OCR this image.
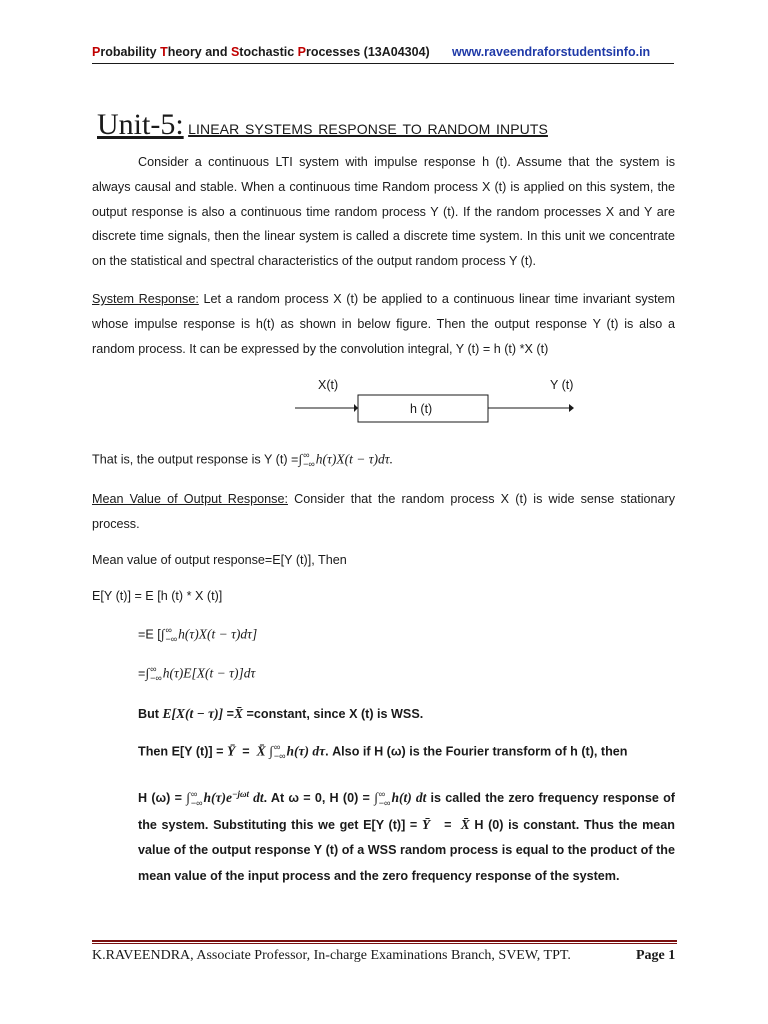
Probability Theory and Stochastic Processes (13A04304) www.raveendraforstudentsinfo.in
Unit-5: linear systems response to random inputs
Consider a continuous LTI system with impulse response h (t). Assume that the system is always causal and stable. When a continuous time Random process X (t) is applied on this system, the output response is also a continuous time random process Y (t). If the random processes X and Y are discrete time signals, then the linear system is called a discrete time system. In this unit we concentrate on the statistical and spectral characteristics of the output random process Y (t).
System Response: Let a random process X (t) be applied to a continuous linear time invariant system whose impulse response is h(t) as shown in below figure. Then the output response Y (t) is also a random process. It can be expressed by the convolution integral, Y (t) = h (t) *X (t)
X(t)
h (t)
Y (t)
That is, the output response is Y (t) =∫ ∞
−∞ h(τ)X(t − τ)dτ.
Mean Value of Output Response: Consider that the random process X (t) is wide sense stationary process.
Mean value of output response=E[Y (t)], Then
E[Y (t)] = E [h (t) * X (t)]
=E [∫ ∞
−∞ h(τ)X(t − τ)dτ]
=∫ ∞
−∞ h(τ)E[X(t − τ)]dτ
But E[X(t − τ)] =X̄ =constant, since X (t) is WSS.
Then E[Y (t)] = Ȳ  =  X̄ ∫ ∞
−∞ h(τ) dτ. Also if H (ω) is the Fourier transform of h (t), then
H (ω) = ∫ ∞
−∞ $h(\tau)e^{-j\omega t}$ dt. At ω = 0, H (0) = ∫ ∞
−∞ h(t) dt is called the zero frequency response of the system. Substituting this we get E[Y (t)] = Ȳ   =  X̄ H (0) is constant. Thus the mean value of the output response Y (t) of a WSS random process is equal to the product of the mean value of the input process and the zero frequency response of the system.
K.RAVEENDRA, Associate Professor, In-charge Examinations Branch, SVEW, TPT.	Page 1
